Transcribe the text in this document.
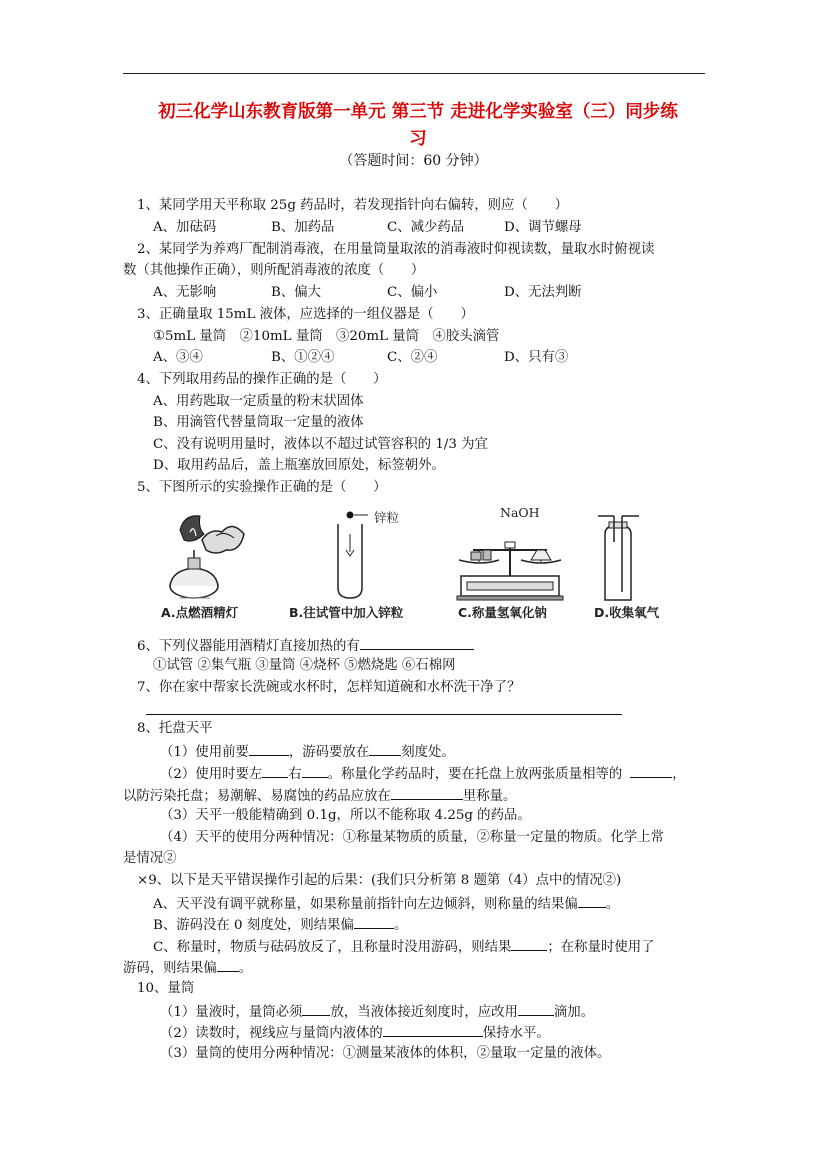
初三化学山东教育版第一单元 第三节 走进化学实验室（三）同步练
习
（答题时间：60 分钟）
1、某同学用天平称取 25g 药品时，若发现指针向右偏转，则应（　　）
A、加砝码	B、加药品	C、减少药品	D、调节螺母
2、某同学为养鸡厂配制消毒液，在用量筒量取浓的消毒液时仰视读数，量取水时俯视读
数（其他操作正确），则所配消毒液的浓度（　　）
A、无影响	B、偏大	C、偏小	D、无法判断
3、正确量取 15mL 液体，应选择的一组仪器是（　　）
①5mL 量筒　②10mL 量筒　③20mL 量筒　④胶头滴管
A、③④	B、①②④	C、②④	D、只有③
4、下列取用药品的操作正确的是（　　）
A、用药匙取一定质量的粉末状固体
B、用滴管代替量筒取一定量的液体
C、没有说明用量时，液体以不超过试管容积的 1/3 为宜
D、取用药品后，盖上瓶塞放回原处，标签朝外。
5、下图所示的实验操作正确的是（　　）
A.点燃酒精灯
锌粒
B.往试管中加入锌粒
NaOH
C.称量氢氧化钠	D.收集氧气
6、下列仪器能用酒精灯直接加热的有
①试管 ②集气瓶 ③量筒 ④烧杯 ⑤燃烧匙 ⑥石棉网
7、你在家中帮家长洗碗或水杯时，怎样知道碗和水杯洗干净了？
8、托盘天平
（1）使用前要	，游码要放在 刻度处。
（2）使用时要左 右 。称量化学药品时，要在托盘上放两张质量相等的	，
以防污染托盘；易潮解、易腐蚀的药品应放在	里称量。
（3）天平一般能精确到 0.1g，所以不能称取 4.25g 的药品。
（4）天平的使用分两种情况：①称量某物质的质量，②称量一定量的物质。化学上常
是情况②
×9、以下是天平错误操作引起的后果：(我们只分析第 8 题第（4）点中的情况②)
A、天平没有调平就称量，如果称量前指针向左边倾斜，则称量的结果偏 。
B、游码没在 0 刻度处，则结果偏	。
C、称量时，物质与砝码放反了，且称量时没用游码，则结果	；在称量时使用了
游码，则结果偏 。
10、量筒
（1）量液时，量筒必须 放，当液体接近刻度时，应改用	滴加。
（2）读数时，视线应与量筒内液体的	保持水平。
（3）量筒的使用分两种情况：①测量某液体的体积，②量取一定量的液体。
